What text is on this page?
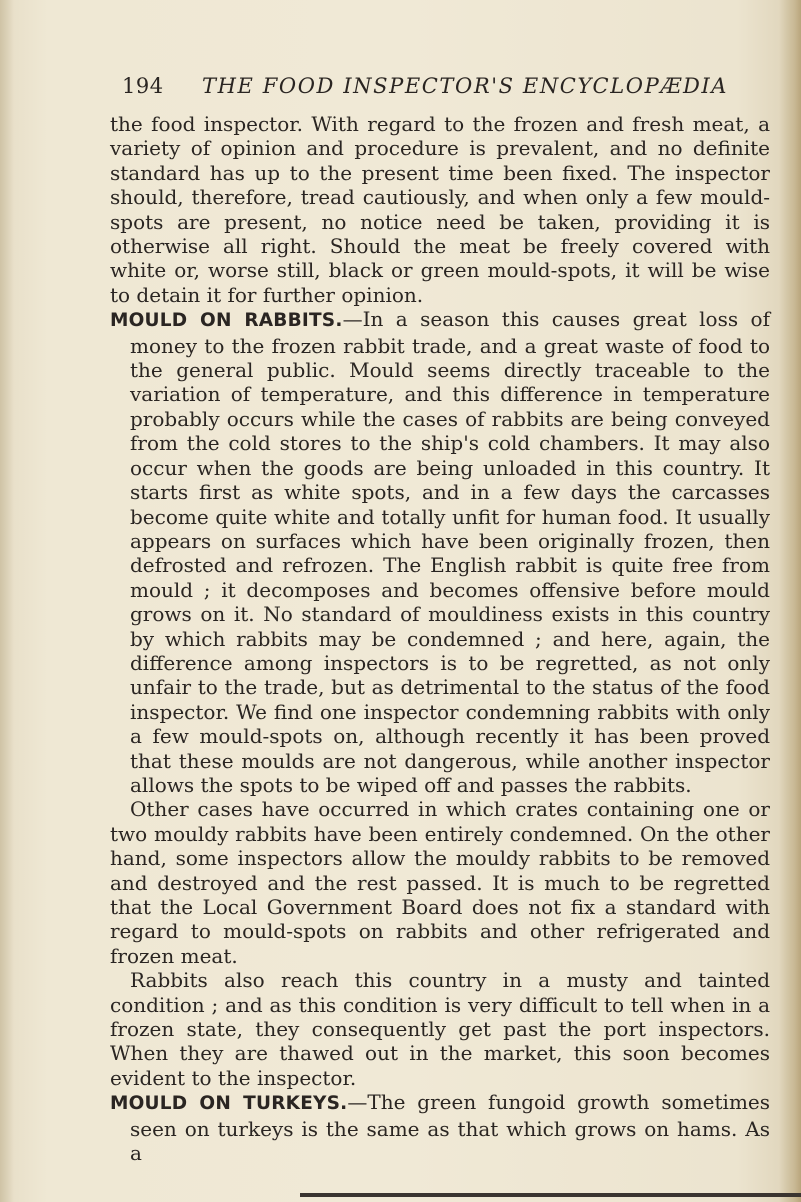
194 THE FOOD INSPECTOR'S ENCYCLOPÆDIA

the food inspector. With regard to the frozen and fresh meat, a variety of opinion and procedure is prevalent, and no definite standard has up to the present time been fixed. The inspector should, therefore, tread cautiously, and when only a few mould-spots are present, no notice need be taken, providing it is otherwise all right. Should the meat be freely covered with white or, worse still, black or green mould-spots, it will be wise to detain it for further opinion.

MOULD ON RABBITS.—In a season this causes great loss of money to the frozen rabbit trade, and a great waste of food to the general public. Mould seems directly traceable to the variation of temperature, and this difference in temperature probably occurs while the cases of rabbits are being conveyed from the cold stores to the ship's cold chambers. It may also occur when the goods are being unloaded in this country. It starts first as white spots, and in a few days the carcasses become quite white and totally unfit for human food. It usually appears on surfaces which have been originally frozen, then defrosted and refrozen. The English rabbit is quite free from mould ; it decomposes and becomes offensive before mould grows on it. No standard of mouldiness exists in this country by which rabbits may be condemned ; and here, again, the difference among inspectors is to be regretted, as not only unfair to the trade, but as detrimental to the status of the food inspector. We find one inspector condemning rabbits with only a few mould-spots on, although recently it has been proved that these moulds are not dangerous, while another inspector allows the spots to be wiped off and passes the rabbits.

Other cases have occurred in which crates containing one or two mouldy rabbits have been entirely condemned. On the other hand, some inspectors allow the mouldy rabbits to be removed and destroyed and the rest passed. It is much to be regretted that the Local Government Board does not fix a standard with regard to mould-spots on rabbits and other refrigerated and frozen meat.

Rabbits also reach this country in a musty and tainted condition ; and as this condition is very difficult to tell when in a frozen state, they consequently get past the port inspectors. When they are thawed out in the market, this soon becomes evident to the inspector.

MOULD ON TURKEYS.—The green fungoid growth sometimes seen on turkeys is the same as that which grows on hams. As a
